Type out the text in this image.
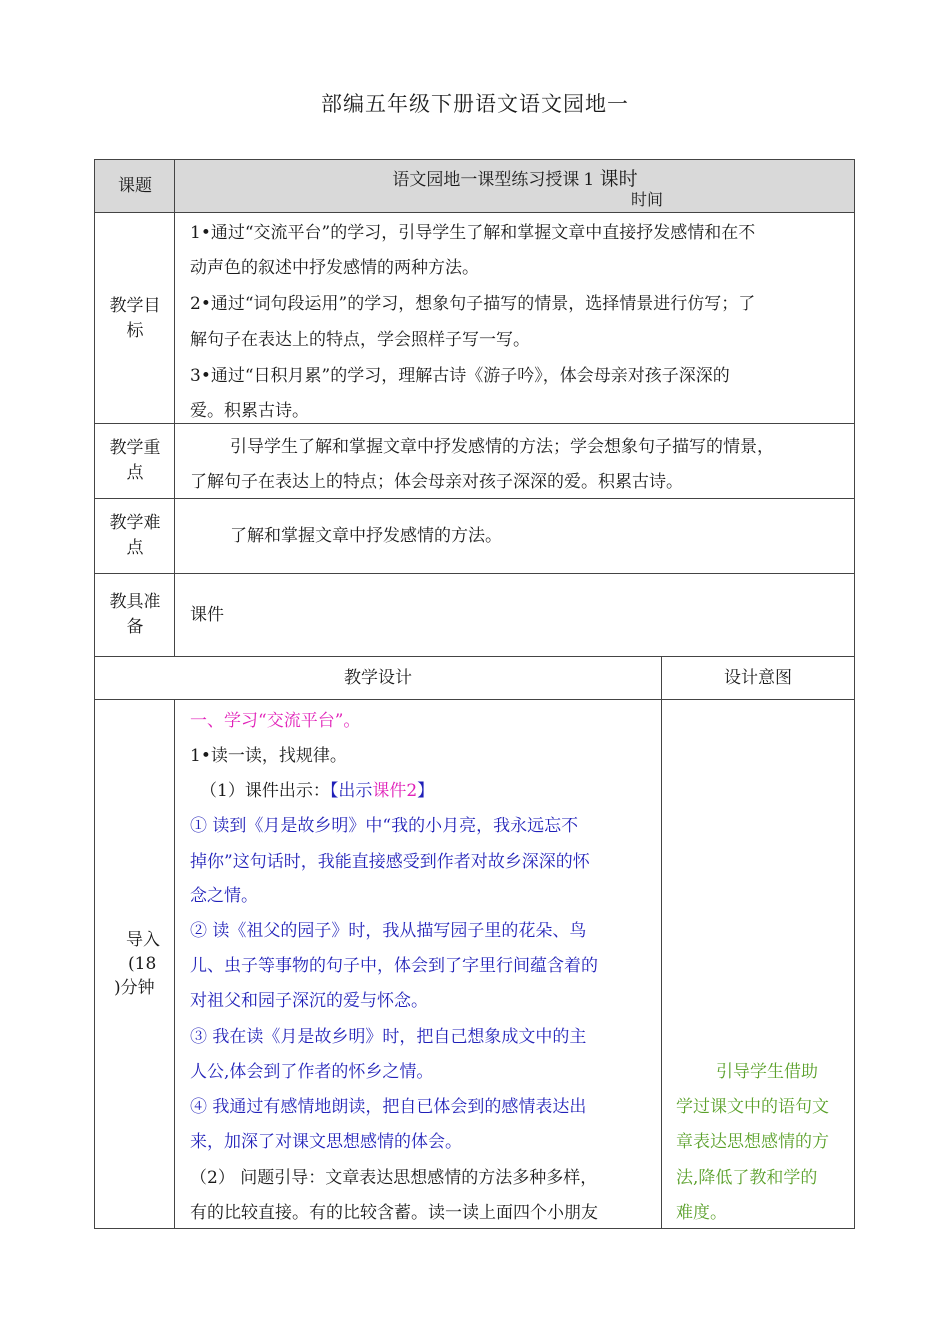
部编五年级下册语文语文园地一
课题	语文园地一课型练习授课 1 课时
时间
教学目
标
1•通过“交流平台”的学习，引导学生了解和掌握文章中直接抒发感情和在不
动声色的叙述中抒发感情的两种方法。
2•通过“词句段运用”的学习，想象句子描写的情景，选择情景进行仿写；了
解句子在表达上的特点，学会照样子写一写。
3•通过“日积月累”的学习，理解古诗《游子吟》，体会母亲对孩子深深的
爱。积累古诗。
教学重
点
引导学生了解和掌握文章中抒发感情的方法；学会想象句子描写的情景，
了解句子在表达上的特点；体会母亲对孩子深深的爱。积累古诗。
教学难
点
了解和掌握文章中抒发感情的方法。
教具准
备
课件
教学设计	设计意图
导入
(18
)分钟
一、学习“交流平台”。
1•读一读，找规律。
（1）课件出示：【出示课件2】
① 读到《月是故乡明》中“我的小月亮，我永远忘不
掉你”这句话时，我能直接感受到作者对故乡深深的怀
念之情。
② 读《祖父的园子》时，我从描写园子里的花朵、鸟
儿、虫子等事物的句子中，体会到了字里行间蕴含着的
对祖父和园子深沉的爱与怀念。
③ 我在读《月是故乡明》时，把自己想象成文中的主
人公,体会到了作者的怀乡之情。
④ 我通过有感情地朗读，把自已体会到的感情表达出
来，加深了对课文思想感情的体会。
（2） 问题引导：文章表达思想感情的方法多种多样，
有的比较直接。有的比较含蓄。读一读上面四个小朋友
引导学生借助
学过课文中的语句文
章表达思想感情的方
法,降低了教和学的
难度。
